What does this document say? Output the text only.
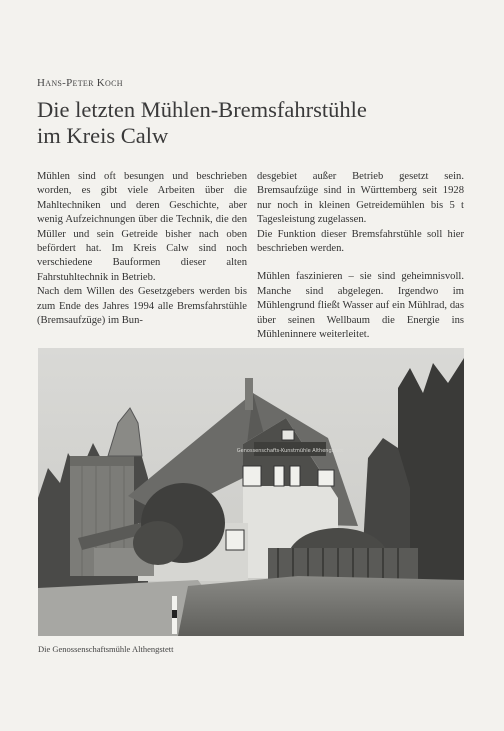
Hans-Peter Koch
Die letzten Mühlen-Bremsfahrstühle
im Kreis Calw

Mühlen sind oft besungen und beschrieben worden, es gibt viele Arbeiten über die Mahltechniken und deren Geschichte, aber wenig Aufzeichnungen über die Technik, die den Müller und sein Getreide bisher nach oben befördert hat. Im Kreis Calw sind noch verschiedene Bauformen dieser alten Fahrstuhltechnik in Betrieb.

Nach dem Willen des Gesetzgebers werden bis zum Ende des Jahres 1994 alle Bremsfahrstühle (Bremsaufzüge) im Bun-

desgebiet außer Betrieb gesetzt sein. Bremsaufzüge sind in Württemberg seit 1928 nur noch in kleinen Getreidemühlen bis 5 t Tagesleistung zugelassen.

Die Funktion dieser Bremsfahrstühle soll hier beschrieben werden.

Mühlen faszinieren – sie sind geheimnisvoll. Manche sind abgelegen. Irgendwo im Mühlengrund fließt Wasser auf ein Mühlrad, das über seinen Wellbaum die Energie ins Mühleninnere weiterleitet.

Genossenschafts-Kunstmühle Althengstett
Die Genossenschaftsmühle Althengstett
